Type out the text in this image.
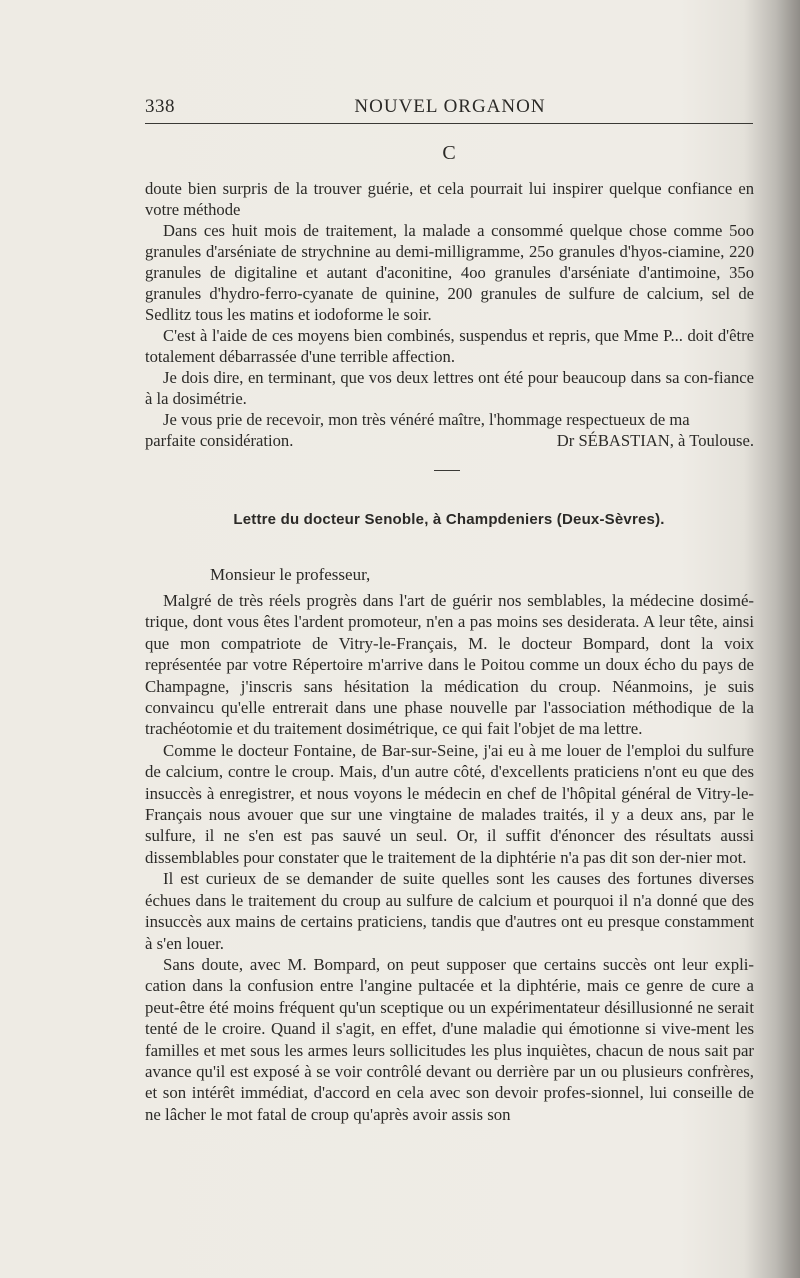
338	NOUVEL ORGANON
C

doute bien surpris de la trouver guérie, et cela pourrait lui inspirer quelque confiance en votre méthode

Dans ces huit mois de traitement, la malade a consommé quelque chose comme 5oo granules d'arséniate de strychnine au demi-milligramme, 25o granules d'hyos-ciamine, 220 granules de digitaline et autant d'aconitine, 4oo granules d'arséniate d'antimoine, 35o granules d'hydro-ferro-cyanate de quinine, 200 granules de sulfure de calcium, sel de Sedlitz tous les matins et iodoforme le soir.

C'est à l'aide de ces moyens bien combinés, suspendus et repris, que Mme P... doit d'être totalement débarrassée d'une terrible affection.

Je dois dire, en terminant, que vos deux lettres ont été pour beaucoup dans sa con-fiance à la dosimétrie.

Je vous prie de recevoir, mon très vénéré maître, l'hommage respectueux de ma

parfaite considération.	Dr SÉBASTIAN, à Toulouse.
Lettre du docteur Senoble, à Champdeniers (Deux-Sèvres).
Monsieur le professeur,

Malgré de très réels progrès dans l'art de guérir nos semblables, la médecine dosimé-trique, dont vous êtes l'ardent promoteur, n'en a pas moins ses desiderata. A leur tête, ainsi que mon compatriote de Vitry-le-Français, M. le docteur Bompard, dont la voix représentée par votre Répertoire m'arrive dans le Poitou comme un doux écho du pays de Champagne, j'inscris sans hésitation la médication du croup. Néanmoins, je suis convaincu qu'elle entrerait dans une phase nouvelle par l'association méthodique de la trachéotomie et du traitement dosimétrique, ce qui fait l'objet de ma lettre.

Comme le docteur Fontaine, de Bar-sur-Seine, j'ai eu à me louer de l'emploi du sulfure de calcium, contre le croup. Mais, d'un autre côté, d'excellents praticiens n'ont eu que des insuccès à enregistrer, et nous voyons le médecin en chef de l'hôpital général de Vitry-le-Français nous avouer que sur une vingtaine de malades traités, il y a deux ans, par le sulfure, il ne s'en est pas sauvé un seul. Or, il suffit d'énoncer des résultats aussi dissemblables pour constater que le traitement de la diphtérie n'a pas dit son der-nier mot.

Il est curieux de se demander de suite quelles sont les causes des fortunes diverses échues dans le traitement du croup au sulfure de calcium et pourquoi il n'a donné que des insuccès aux mains de certains praticiens, tandis que d'autres ont eu presque constamment à s'en louer.

Sans doute, avec M. Bompard, on peut supposer que certains succès ont leur expli-cation dans la confusion entre l'angine pultacée et la diphtérie, mais ce genre de cure a peut-être été moins fréquent qu'un sceptique ou un expérimentateur désillusionné ne serait tenté de le croire. Quand il s'agit, en effet, d'une maladie qui émotionne si vive-ment les familles et met sous les armes leurs sollicitudes les plus inquiètes, chacun de nous sait par avance qu'il est exposé à se voir contrôlé devant ou derrière par un ou plusieurs confrères, et son intérêt immédiat, d'accord en cela avec son devoir profes-sionnel, lui conseille de ne lâcher le mot fatal de croup qu'après avoir assis son
